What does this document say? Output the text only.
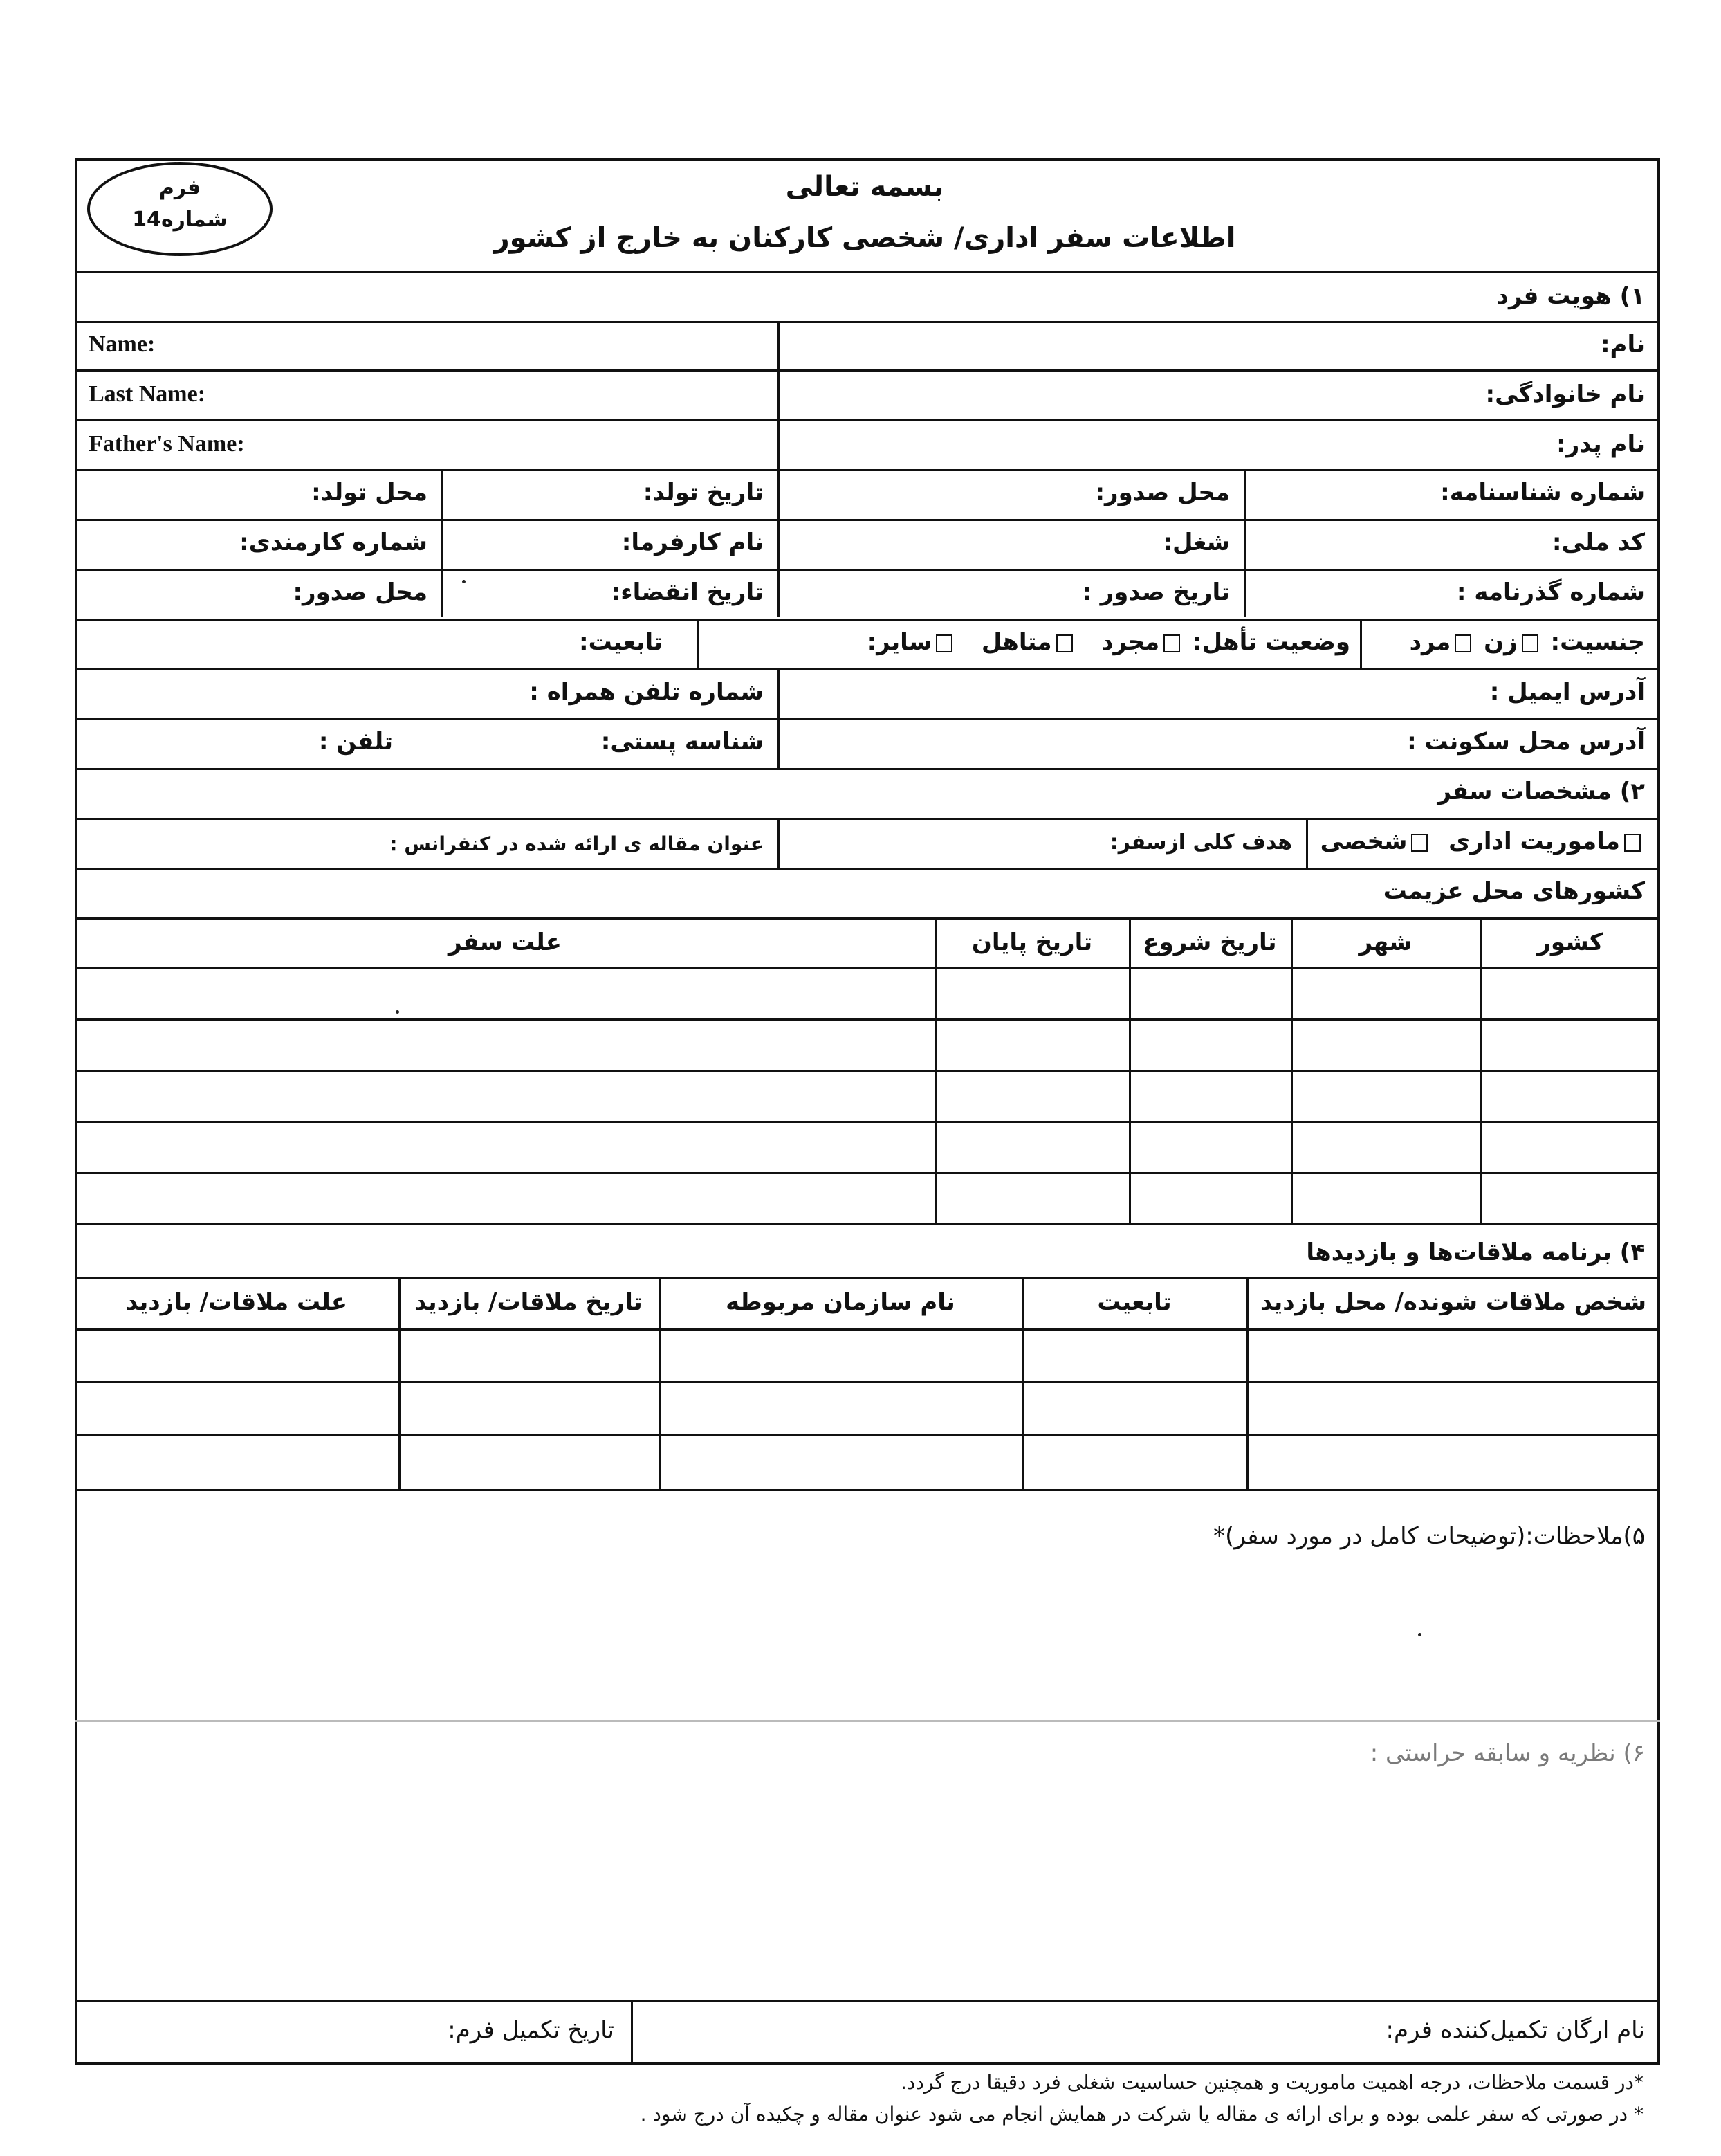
فرم
شماره14
بسمه تعالی
اطلاعات سفر اداری/ شخصی کارکنان به خارج از کشور
۱) هویت فرد
نام:
Name:
نام خانوادگی:
Last Name:
نام پدر:
Father's Name:
شماره شناسنامه:
محل صدور:
تاریخ تولد:
محل تولد:
کد ملی:
شغل:
نام کارفرما:
شماره کارمندی:
شماره گذرنامه :
تاریخ صدور :
تاریخ انقضاء:
محل صدور:
جنسیت: زن مرد
وضعیت تأهل: مجرد   متاهل   سایر:
تابعیت:
آدرس ایمیل :
شماره تلفن همراه :
آدرس محل سکونت :
شناسه پستی:
تلفن :
۲) مشخصات سفر
ماموریت اداری  شخصی
هدف کلی ازسفر:
عنوان مقاله ی ارائه شده در کنفرانس :
کشورهای محل عزیمت
کشور
شهر
تاریخ شروع
تاریخ پایان
علت سفر
۴) برنامه ملاقات‌ها و بازدیدها
شخص ملاقات شونده/ محل بازدید
تابعیت
نام سازمان مربوطه
تاریخ ملاقات/ بازدید
علت ملاقات/ بازدید
۵)ملاحظات:(توضیحات کامل در مورد سفر)*
۶) نظریه و سابقه حراستی :
نام ارگان تکمیل‌کننده فرم:
تاریخ تکمیل فرم:
*در قسمت ملاحظات، درجه اهمیت ماموریت و همچنین حساسیت شغلی فرد دقیقا درج گردد.
* در صورتی که سفر علمی بوده و برای ارائه ی مقاله یا شرکت در همایش انجام می شود عنوان مقاله و چکیده آن درج شود .
